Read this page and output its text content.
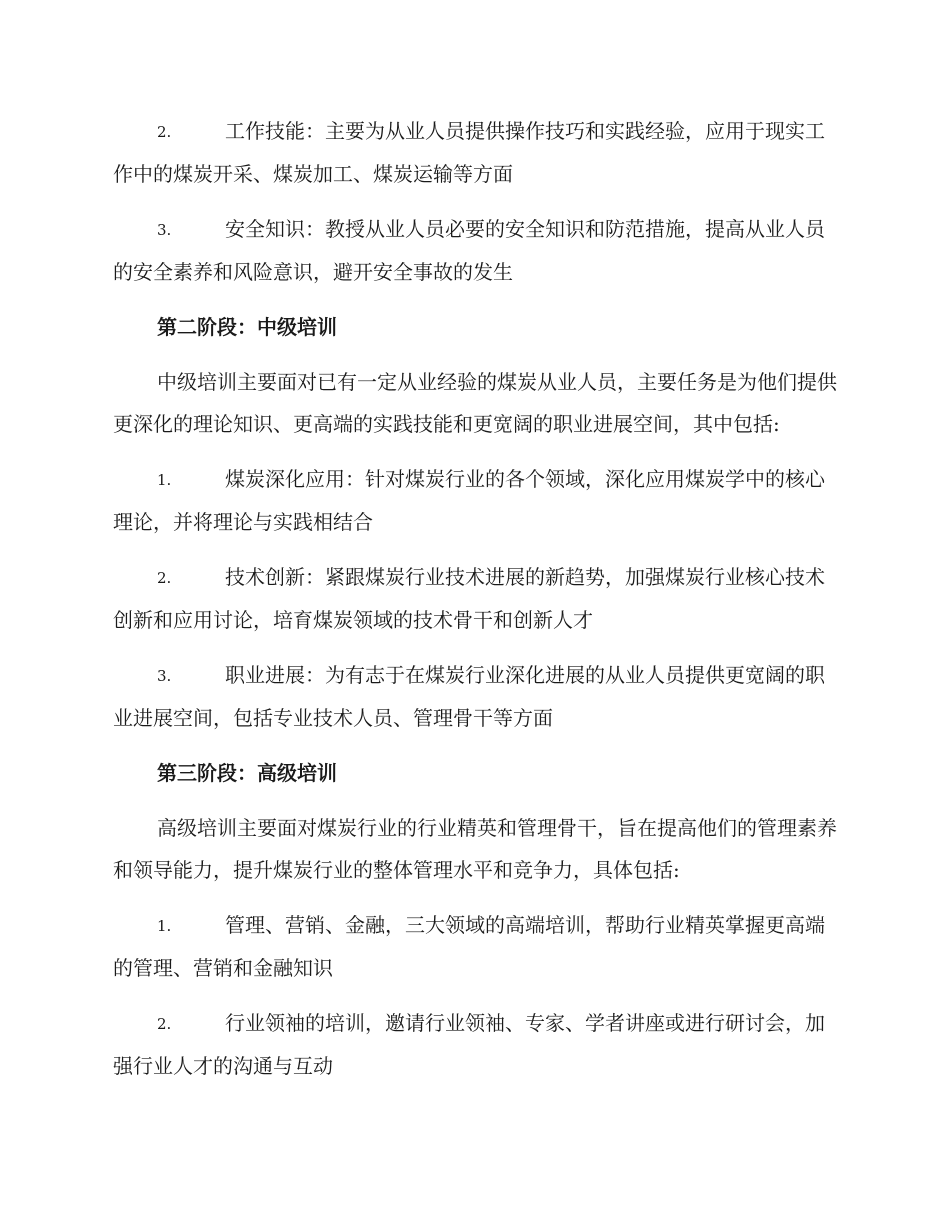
2.	工作技能：主要为从业人员提供操作技巧和实践经验，应用于现实工作中的煤炭开采、煤炭加工、煤炭运输等方面

3.	安全知识：教授从业人员必要的安全知识和防范措施，提高从业人员的安全素养和风险意识，避开安全事故的发生

第二阶段：中级培训

中级培训主要面对已有一定从业经验的煤炭从业人员，主要任务是为他们提供更深化的理论知识、更高端的实践技能和更宽阔的职业进展空间，其中包括:

1.	煤炭深化应用：针对煤炭行业的各个领域，深化应用煤炭学中的核心理论，并将理论与实践相结合

2.	技术创新：紧跟煤炭行业技术进展的新趋势，加强煤炭行业核心技术创新和应用讨论，培育煤炭领域的技术骨干和创新人才

3.	职业进展：为有志于在煤炭行业深化进展的从业人员提供更宽阔的职业进展空间，包括专业技术人员、管理骨干等方面

第三阶段：高级培训

高级培训主要面对煤炭行业的行业精英和管理骨干，旨在提高他们的管理素养和领导能力，提升煤炭行业的整体管理水平和竞争力，具体包括:

1.	管理、营销、金融，三大领域的高端培训，帮助行业精英掌握更高端的管理、营销和金融知识

2.	行业领袖的培训，邀请行业领袖、专家、学者讲座或进行研讨会，加强行业人才的沟通与互动
